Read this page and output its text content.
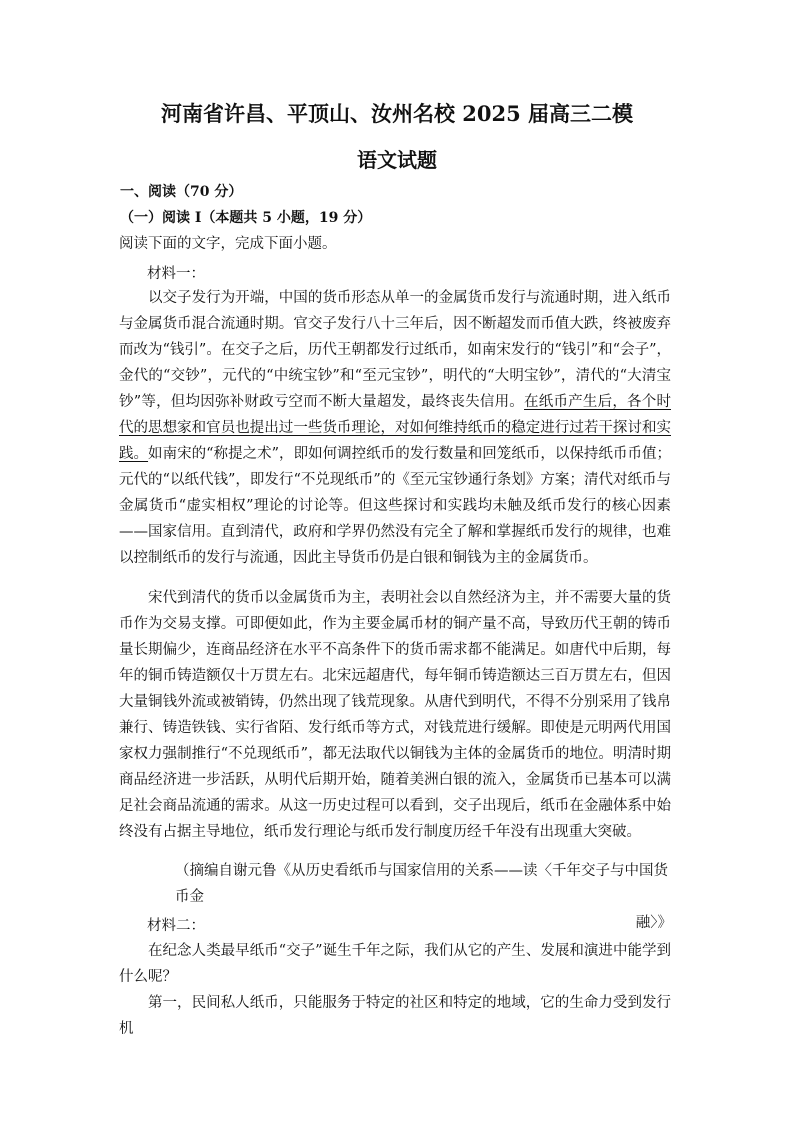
河南省许昌、平顶山、汝州名校 2025 届高三二模
语文试题
一、阅读（70 分）
（一）阅读 I（本题共 5 小题，19 分）
阅读下面的文字，完成下面小题。
材料一：

以交子发行为开端，中国的货币形态从单一的金属货币发行与流通时期，进入纸币与金属货币混合流通时期。官交子发行八十三年后，因不断超发而币值大跌，终被废弃而改为“钱引”。在交子之后，历代王朝都发行过纸币，如南宋发行的“钱引”和“会子”，金代的“交钞”，元代的“中统宝钞”和“至元宝钞”，明代的“大明宝钞”，清代的“大清宝钞”等，但均因弥补财政亏空而不断大量超发，最终丧失信用。在纸币产生后，各个时代的思想家和官员也提出过一些货币理论，对如何维持纸币的稳定进行过若干探讨和实践。如南宋的“称提之术”，即如何调控纸币的发行数量和回笼纸币，以保持纸币币值；元代的“以纸代钱”，即发行“不兑现纸币”的《至元宝钞通行条划》方案；清代对纸币与金属货币“虚实相权”理论的讨论等。但这些探讨和实践均未触及纸币发行的核心因素——国家信用。直到清代，政府和学界仍然没有完全了解和掌握纸币发行的规律，也难以控制纸币的发行与流通，因此主导货币仍是白银和铜钱为主的金属货币。

宋代到清代的货币以金属货币为主，表明社会以自然经济为主，并不需要大量的货币作为交易支撑。可即便如此，作为主要金属币材的铜产量不高，导致历代王朝的铸币量长期偏少，连商品经济在水平不高条件下的货币需求都不能满足。如唐代中后期，每年的铜币铸造额仅十万贯左右。北宋远超唐代，每年铜币铸造额达三百万贯左右，但因大量铜钱外流或被销铸，仍然出现了钱荒现象。从唐代到明代，不得不分别采用了钱帛兼行、铸造铁钱、实行省陌、发行纸币等方式，对钱荒进行缓解。即使是元明两代用国家权力强制推行“不兑现纸币”，都无法取代以铜钱为主体的金属货币的地位。明清时期商品经济进一步活跃，从明代后期开始，随着美洲白银的流入，金属货币已基本可以满足社会商品流通的需求。从这一历史过程可以看到，交子出现后，纸币在金融体系中始终没有占据主导地位，纸币发行理论与纸币发行制度历经千年没有出现重大突破。

（摘编自谢元鲁《从历史看纸币与国家信用的关系——读〈千年交子与中国货币金
融〉》

材料二：

在纪念人类最早纸币“交子”诞生千年之际，我们从它的产生、发展和演进中能学到什么呢？

第一，民间私人纸币，只能服务于特定的社区和特定的地域，它的生命力受到发行机
